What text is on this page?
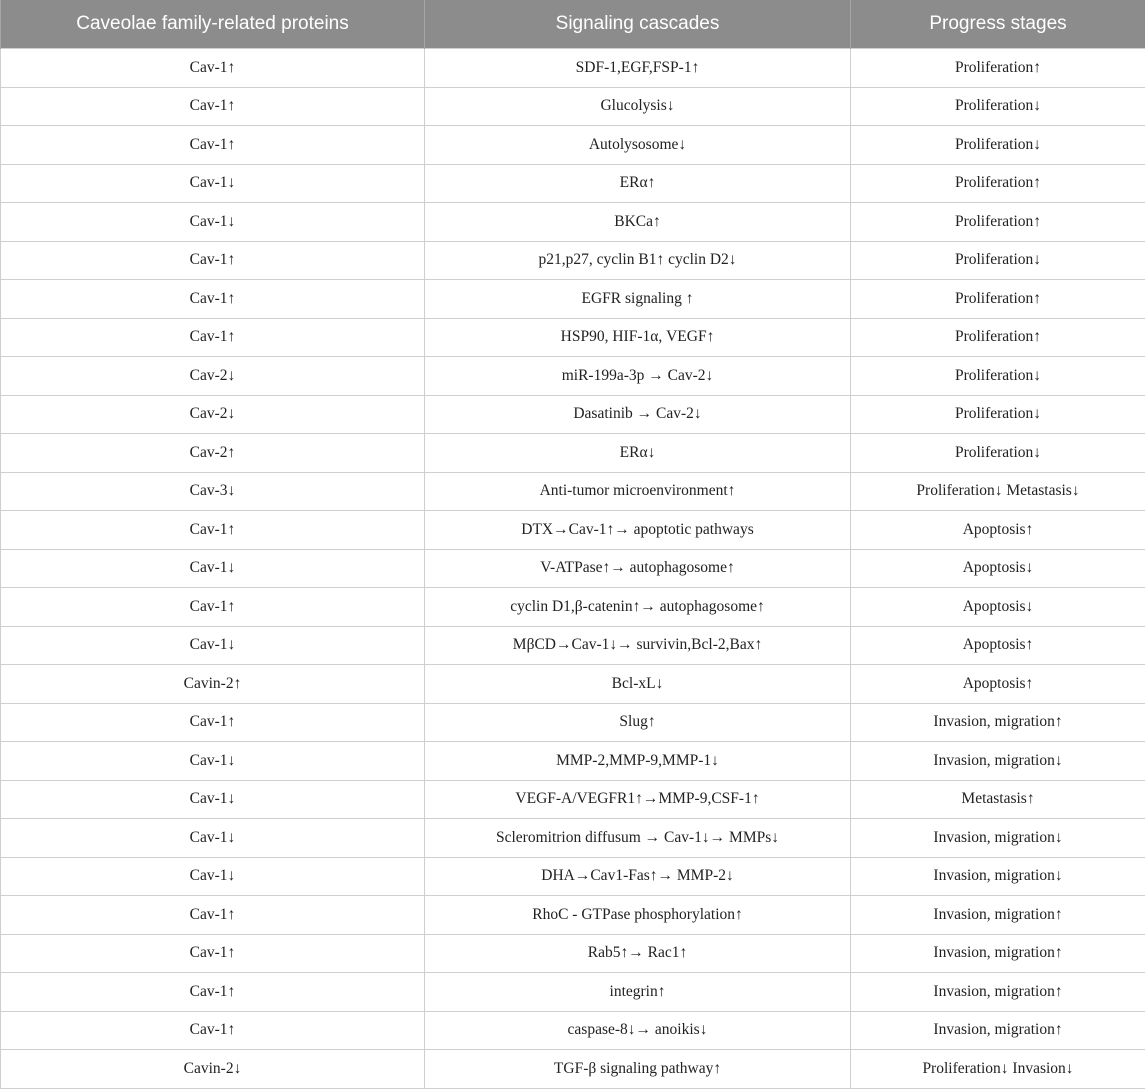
Caveolae family-related proteins	Signaling cascades	Progress stages
Cav-1↑	SDF-1,EGF,FSP-1↑	Proliferation↑
Cav-1↑	Glucolysis↓	Proliferation↓
Cav-1↑	Autolysosome↓	Proliferation↓
Cav-1↓	ERα↑	Proliferation↑
Cav-1↓	BKCa↑	Proliferation↑
Cav-1↑	p21,p27, cyclin B1↑ cyclin D2↓	Proliferation↓
Cav-1↑	EGFR signaling ↑	Proliferation↑
Cav-1↑	HSP90, HIF-1α, VEGF↑	Proliferation↑
Cav-2↓	miR-199a-3p → Cav-2↓	Proliferation↓
Cav-2↓	Dasatinib → Cav-2↓	Proliferation↓
Cav-2↑	ERα↓	Proliferation↓
Cav-3↓	Anti-tumor microenvironment↑	Proliferation↓ Metastasis↓
Cav-1↑	DTX→Cav-1↑→ apoptotic pathways	Apoptosis↑
Cav-1↓	V-ATPase↑→ autophagosome↑	Apoptosis↓
Cav-1↑	cyclin D1,β-catenin↑→ autophagosome↑	Apoptosis↓
Cav-1↓	MβCD→Cav-1↓→ survivin,Bcl-2,Bax↑	Apoptosis↑
Cavin-2↑	Bcl-xL↓	Apoptosis↑
Cav-1↑	Slug↑	Invasion, migration↑
Cav-1↓	MMP-2,MMP-9,MMP-1↓	Invasion, migration↓
Cav-1↓	VEGF-A/VEGFR1↑→MMP-9,CSF-1↑	Metastasis↑
Cav-1↓	Scleromitrion diffusum → Cav-1↓→ MMPs↓	Invasion, migration↓
Cav-1↓	DHA→Cav1-Fas↑→ MMP-2↓	Invasion, migration↓
Cav-1↑	RhoC - GTPase phosphorylation↑	Invasion, migration↑
Cav-1↑	Rab5↑→ Rac1↑	Invasion, migration↑
Cav-1↑	integrin↑	Invasion, migration↑
Cav-1↑	caspase-8↓→ anoikis↓	Invasion, migration↑
Cavin-2↓	TGF-β signaling pathway↑	Proliferation↓ Invasion↓
